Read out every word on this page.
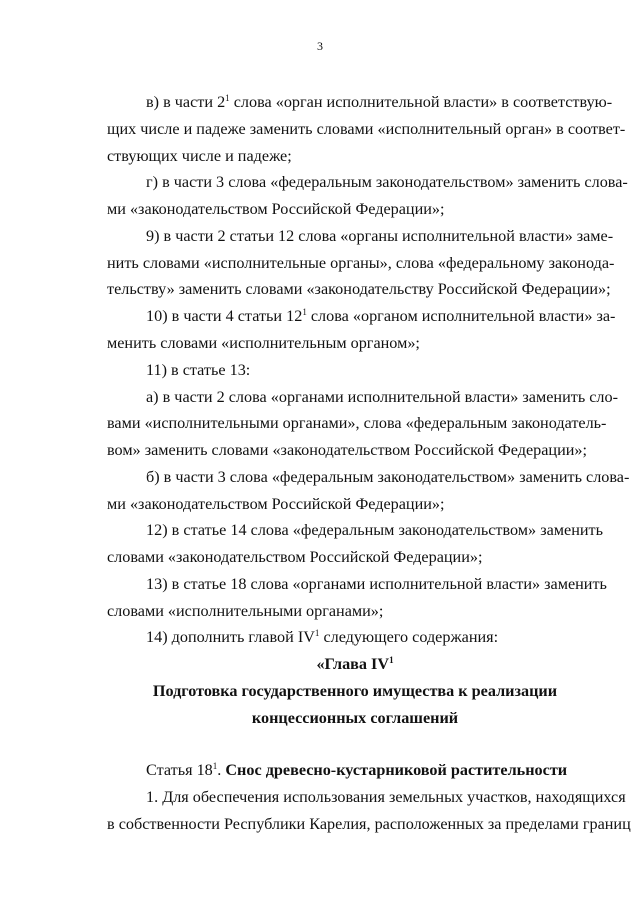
3
в) в части $2^1$ слова «орган исполнительной власти» в соответствую-
щих числе и падеже заменить словами «исполнительный орган» в соответ-
ствующих числе и падеже;
г) в части 3 слова «федеральным законодательством» заменить слова-
ми «законодательством Российской Федерации»;
9) в части 2 статьи 12 слова «органы исполнительной власти» заме-
нить словами «исполнительные органы», слова «федеральному законода-
тельству» заменить словами «законодательству Российской Федерации»;
10) в части 4 статьи $12^1$ слова «органом исполнительной власти» за-
менить словами «исполнительным органом»;
11) в статье 13:
а) в части 2 слова «органами исполнительной власти» заменить сло-
вами «исполнительными органами», слова «федеральным законодатель-
вом» заменить словами «законодательством Российской Федерации»;
б) в части 3 слова «федеральным законодательством» заменить слова-
ми «законодательством Российской Федерации»;
12) в статье 14 слова «федеральным законодательством» заменить
словами «законодательством Российской Федерации»;
13) в статье 18 слова «органами исполнительной власти» заменить
словами «исполнительными органами»;
14) дополнить главой $IV^1$ следующего содержания:
«Глава $IV^1$
Подготовка государственного имущества к реализации
концессионных соглашений
Статья $18^1$. Снос древесно-кустарниковой растительности
1. Для обеспечения использования земельных участков, находящихся
в собственности Республики Карелия, расположенных за пределами границ
